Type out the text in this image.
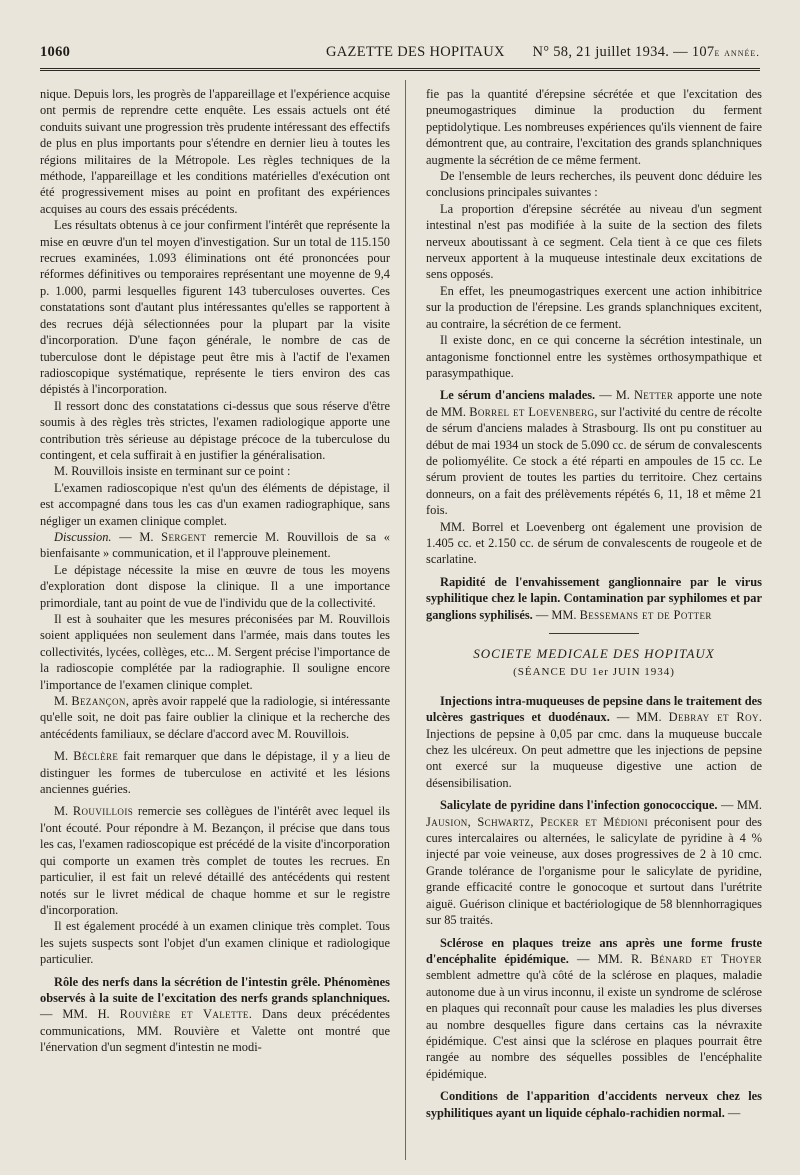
1060	GAZETTE DES HOPITAUX N° 58, 21 juillet 1934. — 107e année.

nique. Depuis lors, les progrès de l'appareillage et l'expérience acquise ont permis de reprendre cette enquête. Les essais actuels ont été conduits suivant une progression très prudente intéressant des effectifs de plus en plus importants pour s'étendre en dernier lieu à toutes les régions militaires de la Métropole. Les règles techniques de la méthode, l'appareillage et les conditions matérielles d'exécution ont été progressivement mises au point en profitant des expériences acquises au cours des essais précédents.

Les résultats obtenus à ce jour confirment l'intérêt que représente la mise en œuvre d'un tel moyen d'investigation. Sur un total de 115.150 recrues examinées, 1.093 éliminations ont été prononcées pour réformes définitives ou temporaires représentant une moyenne de 9,4 p. 1.000, parmi lesquelles figurent 143 tuberculoses ouvertes. Ces constatations sont d'autant plus intéressantes qu'elles se rapportent à des recrues déjà sélectionnées pour la plupart par la visite d'incorporation. D'une façon générale, le nombre de cas de tuberculose dont le dépistage peut être mis à l'actif de l'examen radioscopique systématique, représente le tiers environ des cas dépistés à l'incorporation.

Il ressort donc des constatations ci-dessus que sous réserve d'être soumis à des règles très strictes, l'examen radiologique apporte une contribution très sérieuse au dépistage précoce de la tuberculose du contingent, et cela suffirait à en justifier la généralisation.

M. Rouvillois insiste en terminant sur ce point :

L'examen radioscopique n'est qu'un des éléments de dépistage, il est accompagné dans tous les cas d'un examen radiographique, sans négliger un examen clinique complet.

Discussion. — M. Sergent remercie M. Rouvillois de sa « bienfaisante » communication, et il l'approuve pleinement.

Le dépistage nécessite la mise en œuvre de tous les moyens d'exploration dont dispose la clinique. Il a une importance primordiale, tant au point de vue de l'individu que de la collectivité.

Il est à souhaiter que les mesures préconisées par M. Rouvillois soient appliquées non seulement dans l'armée, mais dans toutes les collectivités, lycées, collèges, etc... M. Sergent précise l'importance de la radioscopie complétée par la radiographie. Il souligne encore l'importance de l'examen clinique complet.

M. Bezançon, après avoir rappelé que la radiologie, si intéressante qu'elle soit, ne doit pas faire oublier la clinique et la recherche des antécédents familiaux, se déclare d'accord avec M. Rouvillois.

M. Béclère fait remarquer que dans le dépistage, il y a lieu de distinguer les formes de tuberculose en activité et les lésions anciennes guéries.

M. Rouvillois remercie ses collègues de l'intérêt avec lequel ils l'ont écouté. Pour répondre à M. Bezançon, il précise que dans tous les cas, l'examen radioscopique est précédé de la visite d'incorporation qui comporte un examen très complet de toutes les recrues. En particulier, il est fait un relevé détaillé des antécédents qui restent notés sur le livret médical de chaque homme et sur le registre d'incorporation.

Il est également procédé à un examen clinique très complet. Tous les sujets suspects sont l'objet d'un examen clinique et radiologique particulier.

Rôle des nerfs dans la sécrétion de l'intestin grêle. Phénomènes observés à la suite de l'excitation des nerfs grands splanchniques. — MM. H. Rouvière et Valette. Dans deux précédentes communications, MM. Rouvière et Valette ont montré que l'énervation d'un segment d'intestin ne modi-

fie pas la quantité d'érepsine sécrétée et que l'excitation des pneumogastriques diminue la production du ferment peptidolytique. Les nombreuses expériences qu'ils viennent de faire démontrent que, au contraire, l'excitation des grands splanchniques augmente la sécrétion de ce même ferment.

De l'ensemble de leurs recherches, ils peuvent donc déduire les conclusions principales suivantes :

La proportion d'érepsine sécrétée au niveau d'un segment intestinal n'est pas modifiée à la suite de la section des filets nerveux aboutissant à ce segment. Cela tient à ce que ces filets nerveux apportent à la muqueuse intestinale deux excitations de sens opposés.

En effet, les pneumogastriques exercent une action inhibitrice sur la production de l'érepsine. Les grands splanchniques excitent, au contraire, la sécrétion de ce ferment.

Il existe donc, en ce qui concerne la sécrétion intestinale, un antagonisme fonctionnel entre les systèmes orthosympathique et parasympathique.

Le sérum d'anciens malades. — M. Netter apporte une note de MM. Borrel et Loevenberg, sur l'activité du centre de récolte de sérum d'anciens malades à Strasbourg. Ils ont pu constituer au début de mai 1934 un stock de 5.090 cc. de sérum de convalescents de poliomyélite. Ce stock a été réparti en ampoules de 15 cc. Le sérum provient de toutes les parties du territoire. Chez certains donneurs, on a fait des prélèvements répétés 6, 11, 18 et même 21 fois.

MM. Borrel et Loevenberg ont également une provision de 1.405 cc. et 2.150 cc. de sérum de convalescents de rougeole et de scarlatine.

Rapidité de l'envahissement ganglionnaire par le virus syphilitique chez le lapin. Contamination par syphilomes et par ganglions syphilisés. — MM. Bessemans et de Potter

SOCIETE MEDICALE DES HOPITAUX
(SÉANCE DU 1er JUIN 1934)

Injections intra-muqueuses de pepsine dans le traitement des ulcères gastriques et duodénaux. — MM. Debray et Roy. Injections de pepsine à 0,05 par cmc. dans la muqueuse buccale chez les ulcéreux. On peut admettre que les injections de pepsine ont exercé sur la muqueuse digestive une action de désensibilisation.

Salicylate de pyridine dans l'infection gonococcique. — MM. Jausion, Schwartz, Pecker et Médioni préconisent pour des cures intercalaires ou alternées, le salicylate de pyridine à 4 % injecté par voie veineuse, aux doses progressives de 2 à 10 cmc. Grande tolérance de l'organisme pour le salicylate de pyridine, grande efficacité contre le gonocoque et surtout dans l'urétrite aiguë. Guérison clinique et bactériologique de 58 blennhorragiques sur 85 traités.

Sclérose en plaques treize ans après une forme fruste d'encéphalite épidémique. — MM. R. Bénard et Thoyer semblent admettre qu'à côté de la sclérose en plaques, maladie autonome due à un virus inconnu, il existe un syndrome de sclérose en plaques qui reconnaît pour cause les maladies les plus diverses au nombre desquelles figure dans certains cas la névraxite épidémique. C'est ainsi que la sclérose en plaques pourrait être rangée au nombre des séquelles possibles de l'encéphalite épidémique.

Conditions de l'apparition d'accidents nerveux chez les syphilitiques ayant un liquide céphalo-rachidien normal. —
